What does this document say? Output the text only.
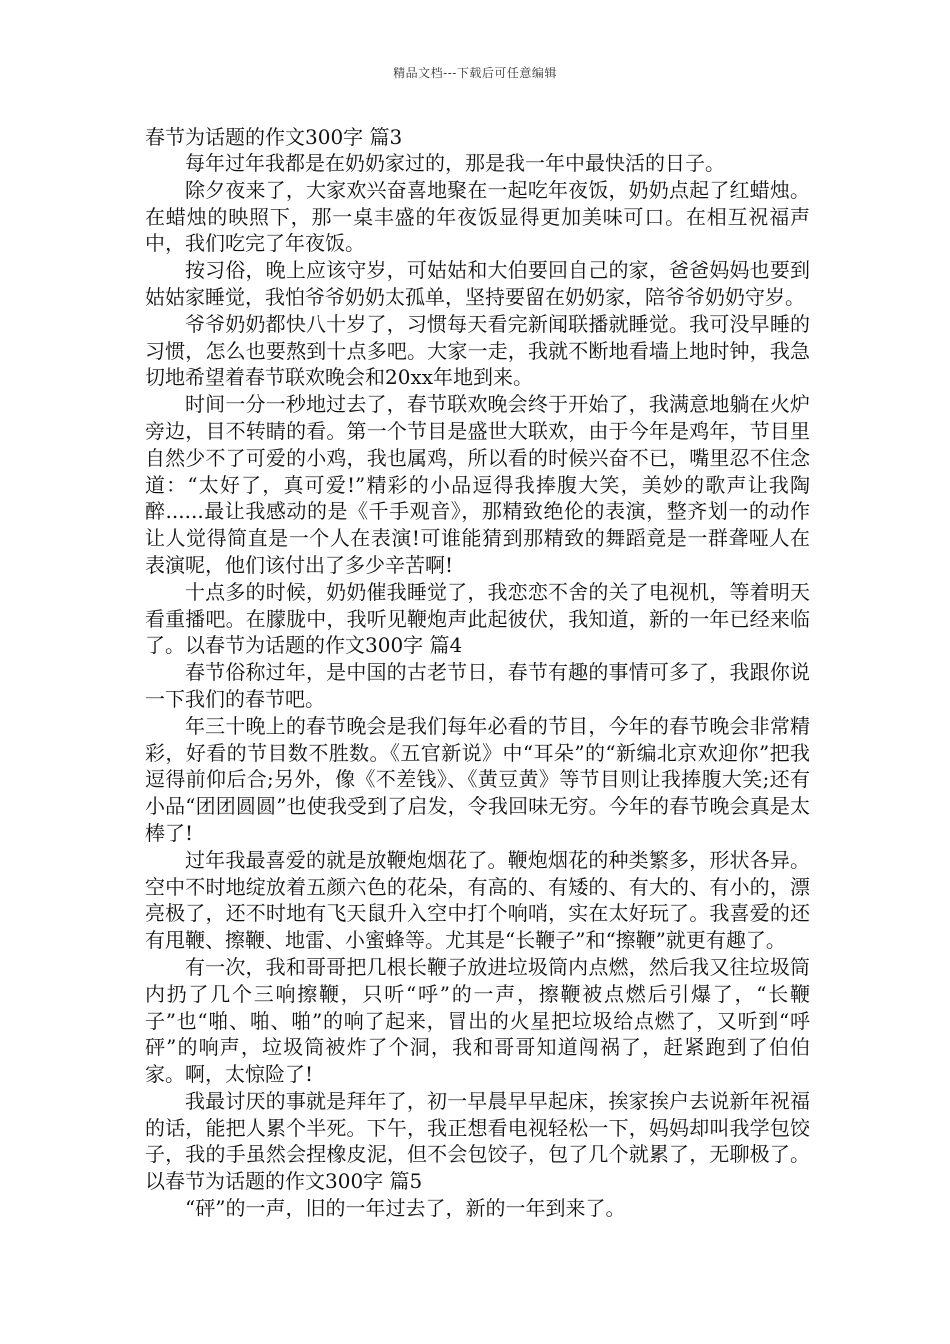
精品文档---下载后可任意编辑

春节为话题的作文300字 篇3

每年过年我都是在奶奶家过的，那是我一年中最快活的日子。

除夕夜来了，大家欢兴奋喜地聚在一起吃年夜饭，奶奶点起了红蜡烛。在蜡烛的映照下，那一桌丰盛的年夜饭显得更加美味可口。在相互祝福声中，我们吃完了年夜饭。

按习俗，晚上应该守岁，可姑姑和大伯要回自己的家，爸爸妈妈也要到姑姑家睡觉，我怕爷爷奶奶太孤单，坚持要留在奶奶家，陪爷爷奶奶守岁。

爷爷奶奶都快八十岁了，习惯每天看完新闻联播就睡觉。我可没早睡的习惯，怎么也要熬到十点多吧。大家一走，我就不断地看墙上地时钟，我急切地希望着春节联欢晚会和20xx年地到来。

时间一分一秒地过去了，春节联欢晚会终于开始了，我满意地躺在火炉旁边，目不转睛的看。第一个节目是盛世大联欢，由于今年是鸡年，节目里自然少不了可爱的小鸡，我也属鸡，所以看的时候兴奋不已，嘴里忍不住念道：“太好了，真可爱!”精彩的小品逗得我捧腹大笑，美妙的歌声让我陶醉......最让我感动的是《千手观音》，那精致绝伦的表演，整齐划一的动作让人觉得简直是一个人在表演!可谁能猜到那精致的舞蹈竟是一群聋哑人在表演呢，他们该付出了多少辛苦啊!

十点多的时候，奶奶催我睡觉了，我恋恋不舍的关了电视机，等着明天看重播吧。在朦胧中，我听见鞭炮声此起彼伏，我知道，新的一年已经来临了。以春节为话题的作文300字 篇4

春节俗称过年，是中国的古老节日，春节有趣的事情可多了，我跟你说一下我们的春节吧。

年三十晚上的春节晚会是我们每年必看的节目，今年的春节晚会非常精彩，好看的节目数不胜数。《五官新说》中“耳朵”的“新编北京欢迎你”把我逗得前仰后合;另外，像《不差钱》、《黄豆黄》等节目则让我捧腹大笑;还有小品“团团圆圆”也使我受到了启发，令我回味无穷。今年的春节晚会真是太棒了!

过年我最喜爱的就是放鞭炮烟花了。鞭炮烟花的种类繁多，形状各异。空中不时地绽放着五颜六色的花朵，有高的、有矮的、有大的、有小的，漂亮极了，还不时地有飞天鼠升入空中打个响哨，实在太好玩了。我喜爱的还有甩鞭、擦鞭、地雷、小蜜蜂等。尤其是“长鞭子”和“擦鞭”就更有趣了。

有一次，我和哥哥把几根长鞭子放进垃圾筒内点燃，然后我又往垃圾筒内扔了几个三响擦鞭，只听“呼”的一声，擦鞭被点燃后引爆了，“长鞭子”也“啪、啪、啪”的响了起来，冒出的火星把垃圾给点燃了，又听到“呼砰”的响声，垃圾筒被炸了个洞，我和哥哥知道闯祸了，赶紧跑到了伯伯家。啊，太惊险了!

我最讨厌的事就是拜年了，初一早晨早早起床，挨家挨户去说新年祝福的话，能把人累个半死。下午，我正想看电视轻松一下，妈妈却叫我学包饺子，我的手虽然会捏橡皮泥，但不会包饺子，包了几个就累了，无聊极了。以春节为话题的作文300字 篇5

“砰”的一声，旧的一年过去了，新的一年到来了。
